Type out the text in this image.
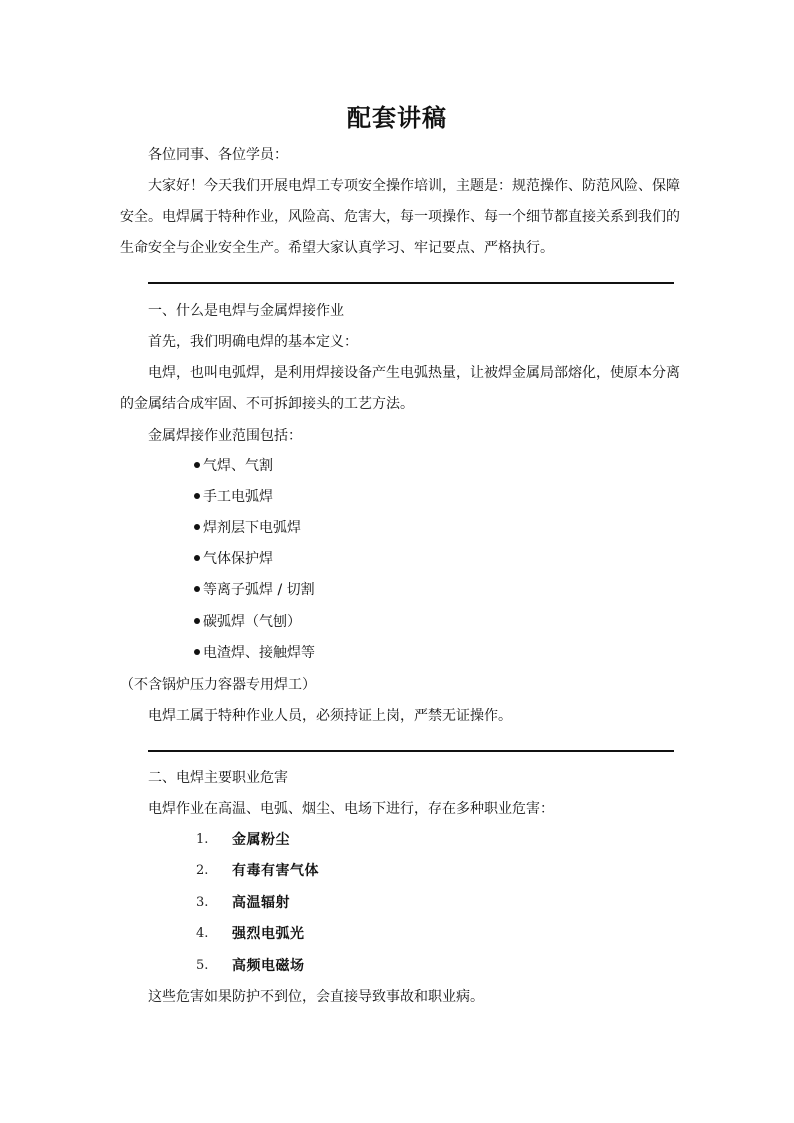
配套讲稿
各位同事、各位学员：
大家好！今天我们开展电焊工专项安全操作培训，主题是：规范操作、防范风险、保障
安全。电焊属于特种作业，风险高、危害大，每一项操作、每一个细节都直接关系到我们的
生命安全与企业安全生产。希望大家认真学习、牢记要点、严格执行。
一、什么是电焊与金属焊接作业
首先，我们明确电焊的基本定义：
电焊，也叫电弧焊，是利用焊接设备产生电弧热量，让被焊金属局部熔化，使原本分离
的金属结合成牢固、不可拆卸接头的工艺方法。
金属焊接作业范围包括：
气焊、气割
手工电弧焊
焊剂层下电弧焊
气体保护焊
等离子弧焊 / 切割
碳弧焊（气刨）
电渣焊、接触焊等
（不含锅炉压力容器专用焊工）
电焊工属于特种作业人员，必须持证上岗，严禁无证操作。
二、电焊主要职业危害
电焊作业在高温、电弧、烟尘、电场下进行，存在多种职业危害：
1. 金属粉尘
2. 有毒有害气体
3. 高温辐射
4. 强烈电弧光
5. 高频电磁场
这些危害如果防护不到位，会直接导致事故和职业病。
